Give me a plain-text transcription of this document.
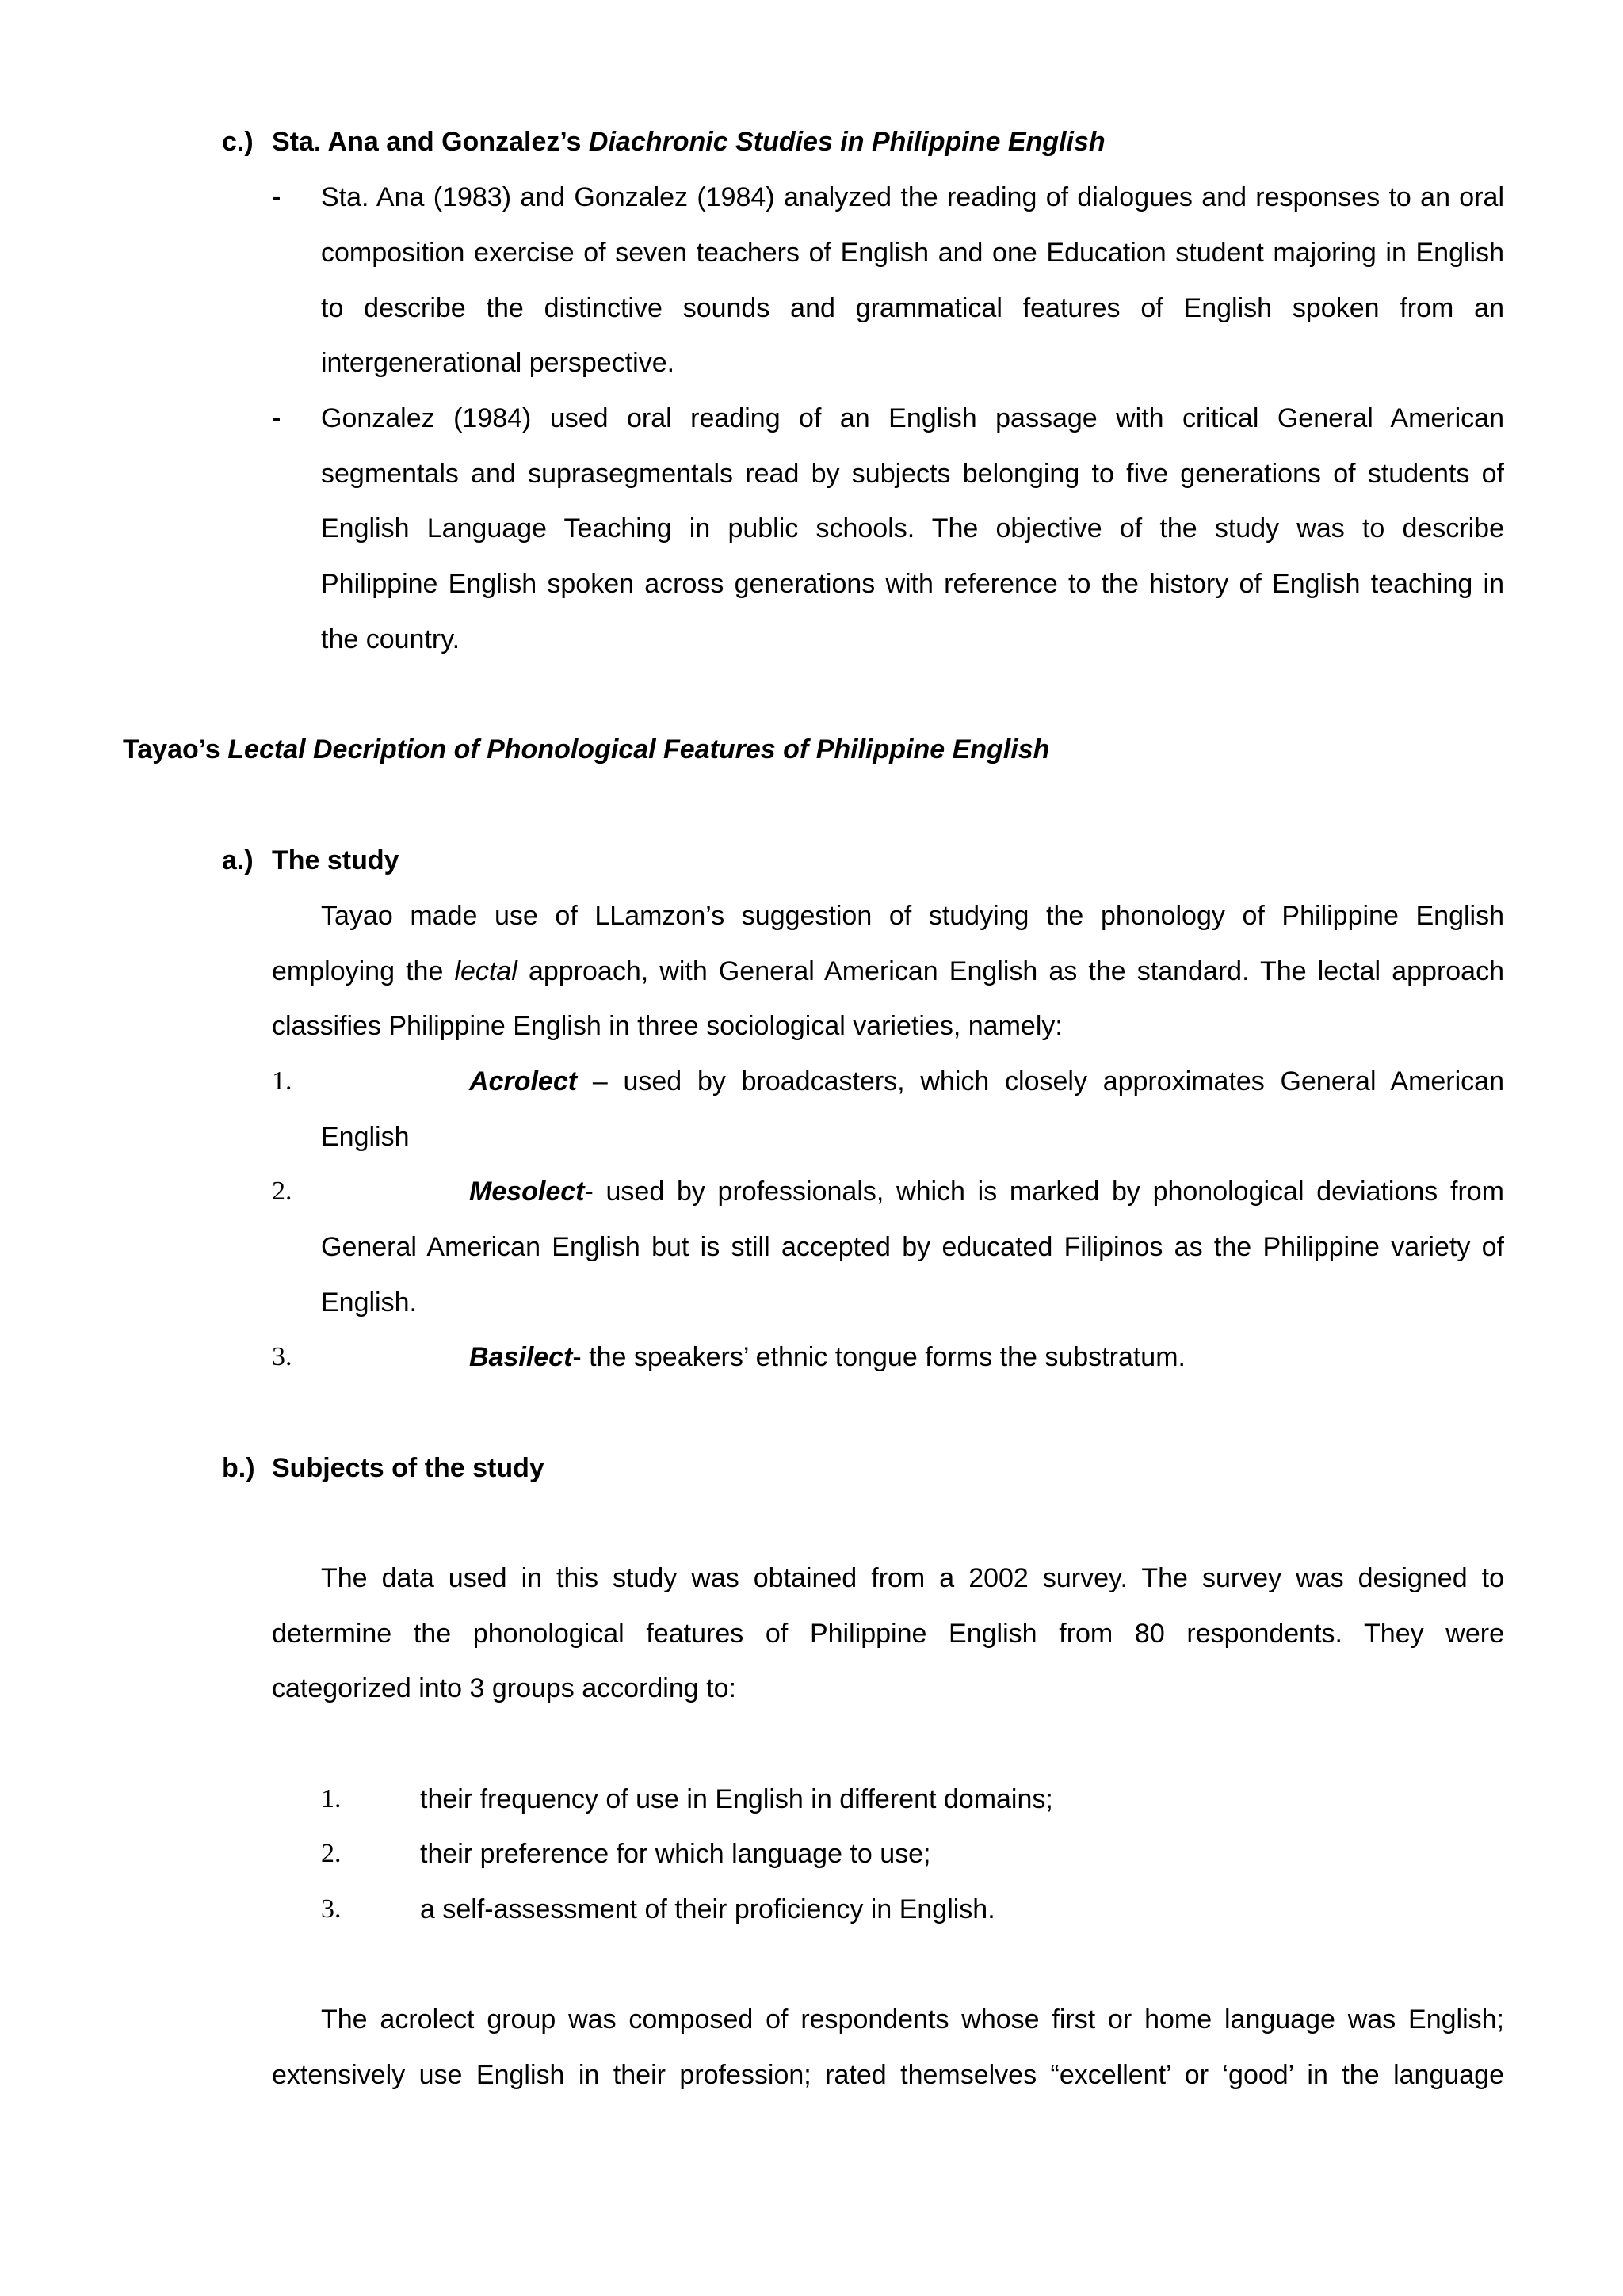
c.) Sta. Ana and Gonzalez’s Diachronic Studies in Philippine English
- Sta. Ana (1983) and Gonzalez (1984) analyzed the reading of dialogues and responses to an oral
composition exercise of seven teachers of English and one Education student majoring in English
to describe the distinctive sounds and grammatical features of English spoken from an
intergenerational perspective.
- Gonzalez (1984) used oral reading of an English passage with critical General American
segmentals and suprasegmentals read by subjects belonging to five generations of students of
English Language Teaching in public schools. The objective of the study was to describe
Philippine English spoken across generations with reference to the history of English teaching in
the country.
Tayao’s Lectal Decription of Phonological Features of Philippine English
a.) The study
Tayao made use of LLamzon’s suggestion of studying the phonology of Philippine English
employing the lectal approach, with General American English as the standard. The lectal approach
classifies Philippine English in three sociological varieties, namely:
1.	Acrolect – used by broadcasters, which closely approximates General American
English
2.	Mesolect- used by professionals, which is marked by phonological deviations from
General American English but is still accepted by educated Filipinos as the Philippine variety of
English.
3.	Basilect- the speakers’ ethnic tongue forms the substratum.
b.) Subjects of the study
The data used in this study was obtained from a 2002 survey. The survey was designed to
determine the phonological features of Philippine English from 80 respondents. They were
categorized into 3 groups according to:
1.	their frequency of use in English in different domains;
2.	their preference for which language to use;
3.	a self-assessment of their proficiency in English.
The acrolect group was composed of respondents whose first or home language was English;
extensively use English in their profession; rated themselves “excellent’ or ‘good’ in the language
